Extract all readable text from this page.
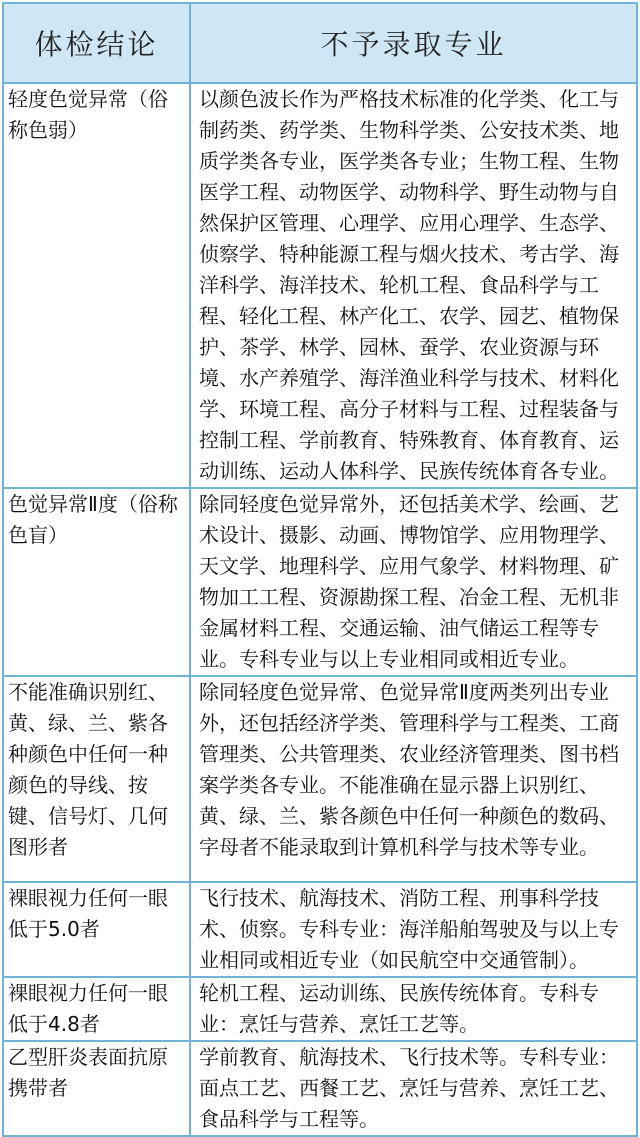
体检结论	不予录取专业
轻度色觉异常（俗称色弱）	以颜色波长作为严格技术标准的化学类、化工与制药类、药学类、生物科学类、公安技术类、地质学类各专业，医学类各专业；生物工程、生物医学工程、动物医学、动物科学、野生动物与自然保护区管理、心理学、应用心理学、生态学、侦察学、特种能源工程与烟火技术、考古学、海洋科学、海洋技术、轮机工程、食品科学与工程、轻化工程、林产化工、农学、园艺、植物保护、茶学、林学、园林、蚕学、农业资源与环境、水产养殖学、海洋渔业科学与技术、材料化学、环境工程、高分子材料与工程、过程装备与控制工程、学前教育、特殊教育、体育教育、运动训练、运动人体科学、民族传统体育各专业。
色觉异常Ⅱ度（俗称色盲）	除同轻度色觉异常外，还包括美术学、绘画、艺术设计、摄影、动画、博物馆学、应用物理学、天文学、地理科学、应用气象学、材料物理、矿物加工工程、资源勘探工程、冶金工程、无机非金属材料工程、交通运输、油气储运工程等专业。专科专业与以上专业相同或相近专业。
不能准确识别红、黄、绿、兰、紫各种颜色中任何一种颜色的导线、按键、信号灯、几何图形者	除同轻度色觉异常、色觉异常Ⅱ度两类列出专业外，还包括经济学类、管理科学与工程类、工商管理类、公共管理类、农业经济管理类、图书档案学类各专业。不能准确在显示器上识别红、黄、绿、兰、紫各颜色中任何一种颜色的数码、字母者不能录取到计算机科学与技术等专业。
裸眼视力任何一眼低于5.0者	飞行技术、航海技术、消防工程、刑事科学技术、侦察。专科专业：海洋船舶驾驶及与以上专业相同或相近专业（如民航空中交通管制）。
裸眼视力任何一眼低于4.8者	轮机工程、运动训练、民族传统体育。专科专业：烹饪与营养、烹饪工艺等。
乙型肝炎表面抗原携带者	学前教育、航海技术、飞行技术等。专科专业：面点工艺、西餐工艺、烹饪与营养、烹饪工艺、食品科学与工程等。
